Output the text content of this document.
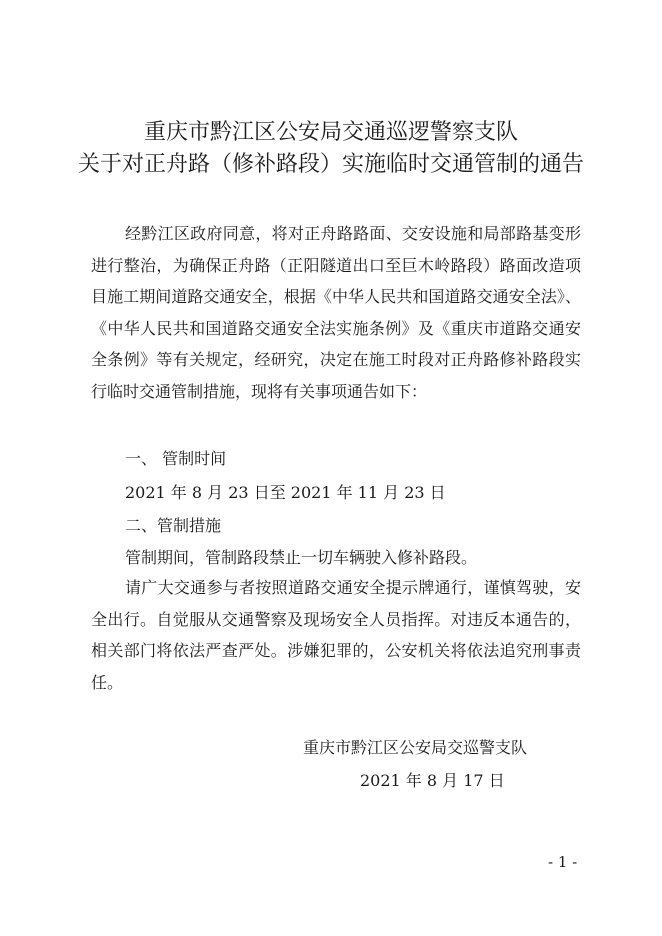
重庆市黔江区公安局交通巡逻警察支队
关于对正舟路（修补路段）实施临时交通管制的通告
经黔江区政府同意，将对正舟路路面、交安设施和局部路基变形进行整治，为确保正舟路（正阳隧道出口至巨木岭路段）路面改造项目施工期间道路交通安全，根据《中华人民共和国道路交通安全法》、《中华人民共和国道路交通安全法实施条例》及《重庆市道路交通安全条例》等有关规定，经研究，决定在施工时段对正舟路修补路段实行临时交通管制措施，现将有关事项通告如下：
一、 管制时间
2021 年 8 月 23 日至 2021 年 11 月 23 日
二、管制措施
管制期间，管制路段禁止一切车辆驶入修补路段。
请广大交通参与者按照道路交通安全提示牌通行，谨慎驾驶，安全出行。自觉服从交通警察及现场安全人员指挥。对违反本通告的，相关部门将依法严查严处。涉嫌犯罪的，公安机关将依法追究刑事责任。
重庆市黔江区公安局交巡警支队
2021 年 8 月 17 日
- 1 -
